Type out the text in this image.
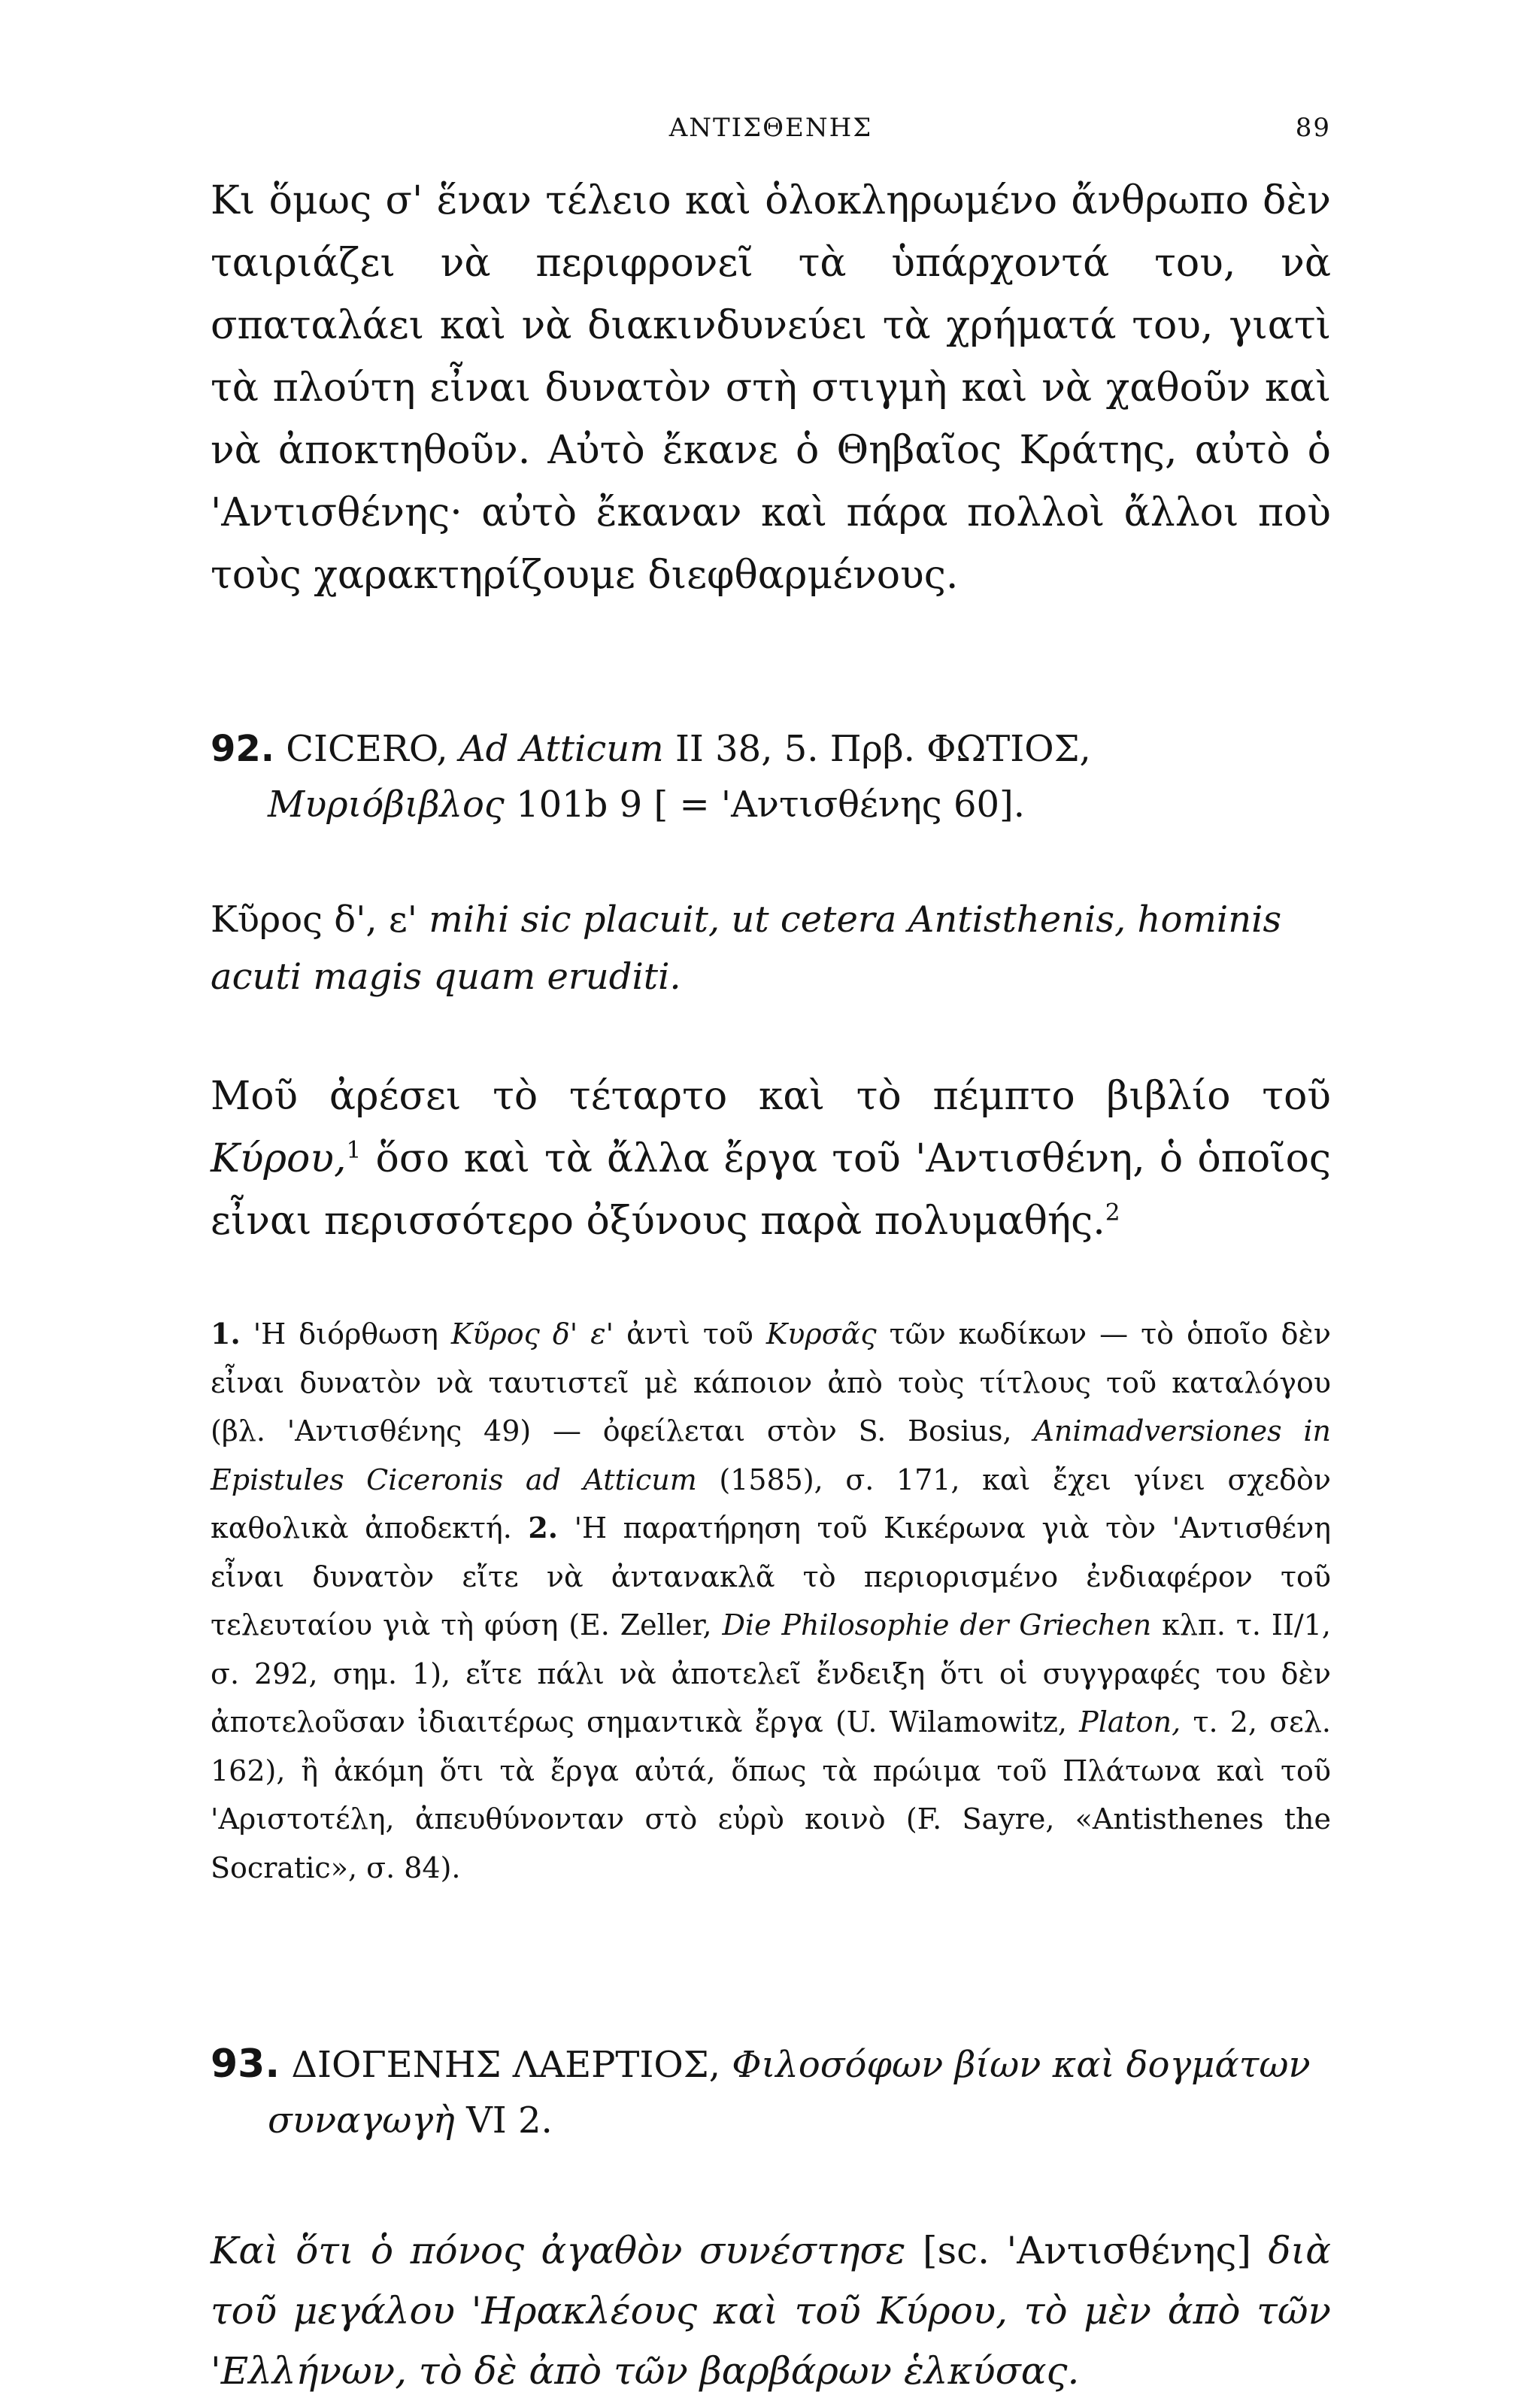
ΑΝΤΙΣΘΕΝΗΣ	89

Κι ὅμως σ' ἕναν τέλειο καὶ ὁλοκληρωμένο ἄνθρωπο δὲν ταιριάζει νὰ περιφρονεῖ τὰ ὑπάρχοντά του, νὰ σπαταλάει καὶ νὰ διακινδυνεύει τὰ χρήματά του, γιατὶ τὰ πλούτη εἶναι δυνατὸν στὴ στιγμὴ καὶ νὰ χαθοῦν καὶ νὰ ἀποκτηθοῦν. Αὐτὸ ἔκανε ὁ Θηβαῖος Κράτης, αὐτὸ ὁ 'Αντισθένης· αὐτὸ ἔκαναν καὶ πάρα πολλοὶ ἄλλοι ποὺ τοὺς χαρακτηρίζουμε διεφθαρμένους.

92. CICERO, Ad Atticum II 38, 5. Πρβ. ΦΩΤΙΟΣ, Μυριόβιβλος 101b 9 [ = 'Αντισθένης 60].

Κῦρος δ', ε' mihi sic placuit, ut cetera Antisthenis, hominis acuti magis quam eruditi.

Μοῦ ἀρέσει τὸ τέταρτο καὶ τὸ πέμπτο βιβλίο τοῦ Κύρου,$^1$ ὅσο καὶ τὰ ἄλλα ἔργα τοῦ 'Αντισθένη, ὁ ὁποῖος εἶναι περισσότερο ὀξύνους παρὰ πολυμαθής.$^2$

1. 'Η διόρθωση Κῦρος δ' ε' ἀντὶ τοῦ Κυρσᾶς τῶν κωδίκων — τὸ ὁποῖο δὲν εἶναι δυνατὸν νὰ ταυτιστεῖ μὲ κάποιον ἀπὸ τοὺς τίτλους τοῦ καταλόγου (βλ. 'Αντισθένης 49) — ὀφείλεται στὸν S. Bosius, Animadversiones in Epistules Ciceronis ad Atticum (1585), σ. 171, καὶ ἔχει γίνει σχεδὸν καθολικὰ ἀποδεκτή. 2. 'Η παρατήρηση τοῦ Κικέρωνα γιὰ τὸν 'Αντισθένη εἶναι δυνατὸν εἴτε νὰ ἀντανακλᾶ τὸ περιορισμένο ἐνδιαφέρον τοῦ τελευταίου γιὰ τὴ φύση (E. Zeller, Die Philosophie der Griechen κλπ. τ. II/1, σ. 292, σημ. 1), εἴτε πάλι νὰ ἀποτελεῖ ἔνδειξη ὅτι οἱ συγγραφές του δὲν ἀποτελοῦσαν ἰδιαιτέρως σημαντικὰ ἔργα (U. Wilamowitz, Platon, τ. 2, σελ. 162), ἢ ἀκόμη ὅτι τὰ ἔργα αὐτά, ὅπως τὰ πρώιμα τοῦ Πλάτωνα καὶ τοῦ 'Αριστοτέλη, ἀπευθύνονταν στὸ εὐρὺ κοινὸ (F. Sayre, «Antisthenes the Socratic», σ. 84).

93. ΔΙΟΓΕΝΗΣ ΛΑΕΡΤΙΟΣ, Φιλοσόφων βίων καὶ δογμάτων συναγωγὴ VI 2.

Καὶ ὅτι ὁ πόνος ἀγαθὸν συνέστησε [sc. 'Αντισθένης] διὰ τοῦ μεγάλου 'Ηρακλέους καὶ τοῦ Κύρου, τὸ μὲν ἀπὸ τῶν 'Ελλήνων, τὸ δὲ ἀπὸ τῶν βαρβάρων ἑλκύσας.
